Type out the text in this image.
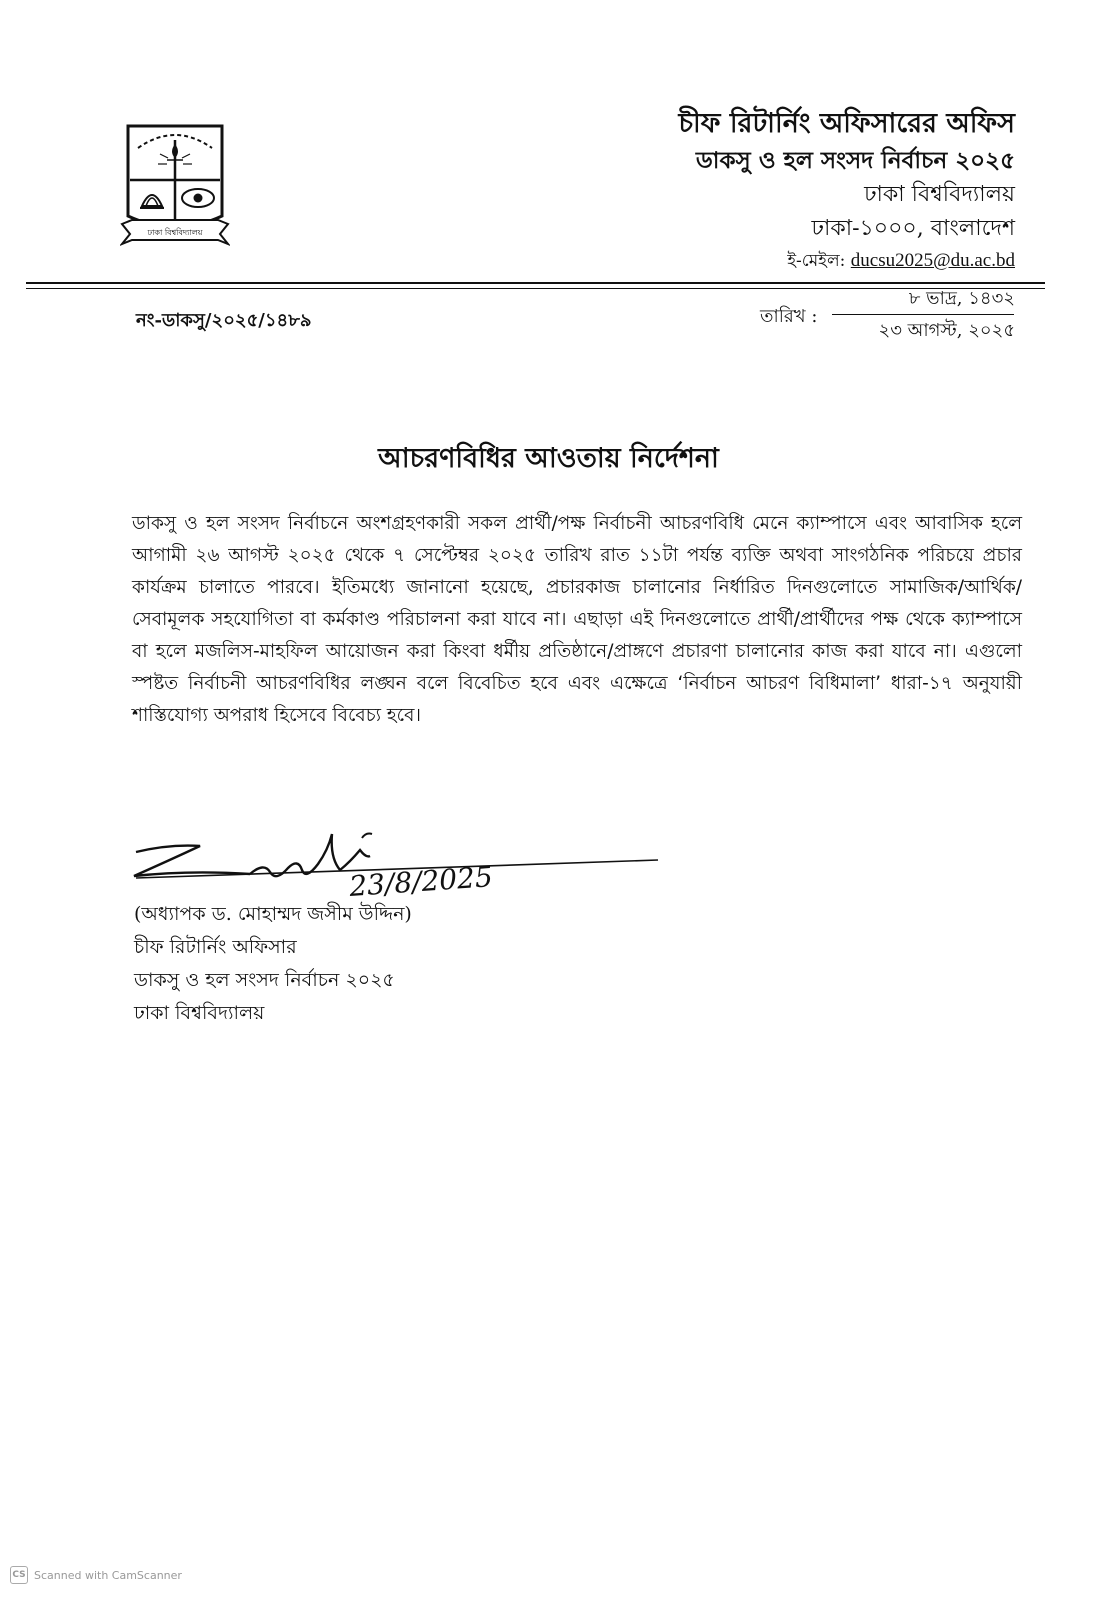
ঢাকা বিশ্ববিদ্যালয়
চীফ রিটার্নিং অফিসারের অফিস
ডাকসু ও হল সংসদ নির্বাচন ২০২৫
ঢাকা বিশ্ববিদ্যালয়
ঢাকা-১০০০, বাংলাদেশ
ই-মেইল: ducsu2025@du.ac.bd
নং-ডাকসু/২০২৫/১৪৮৯	তারিখ :
৮ ভাদ্র, ১৪৩২
২৩ আগস্ট, ২০২৫
আচরণবিধির আওতায় নির্দেশনা
ডাকসু ও হল সংসদ নির্বাচনে অংশগ্রহণকারী সকল প্রার্থী/পক্ষ নির্বাচনী আচরণবিধি মেনে ক্যাম্পাসে এবং আবাসিক হলে আগামী ২৬ আগস্ট ২০২৫ থেকে ৭ সেপ্টেম্বর ২০২৫ তারিখ রাত ১১টা পর্যন্ত ব্যক্তি অথবা সাংগঠনিক পরিচয়ে প্রচার কার্যক্রম চালাতে পারবে। ইতিমধ্যে জানানো হয়েছে, প্রচারকাজ চালানোর নির্ধারিত দিনগুলোতে সামাজিক/আর্থিক/সেবামূলক সহযোগিতা বা কর্মকাণ্ড পরিচালনা করা যাবে না। এছাড়া এই দিনগুলোতে প্রার্থী/প্রার্থীদের পক্ষ থেকে ক্যাম্পাসে বা হলে মজলিস-মাহফিল আয়োজন করা কিংবা ধর্মীয় প্রতিষ্ঠানে/প্রাঙ্গণে প্রচারণা চালানোর কাজ করা যাবে না। এগুলো স্পষ্টত নির্বাচনী আচরণবিধির লঙ্ঘন বলে বিবেচিত হবে এবং এক্ষেত্রে ‘নির্বাচন আচরণ বিধিমালা’ ধারা-১৭ অনুযায়ী শাস্তিযোগ্য অপরাধ হিসেবে বিবেচ্য হবে।
23/8/2025
(অধ্যাপক ড. মোহাম্মদ জসীম উদ্দিন)
চীফ রিটার্নিং অফিসার
ডাকসু ও হল সংসদ নির্বাচন ২০২৫
ঢাকা বিশ্ববিদ্যালয়
CS Scanned with CamScanner
